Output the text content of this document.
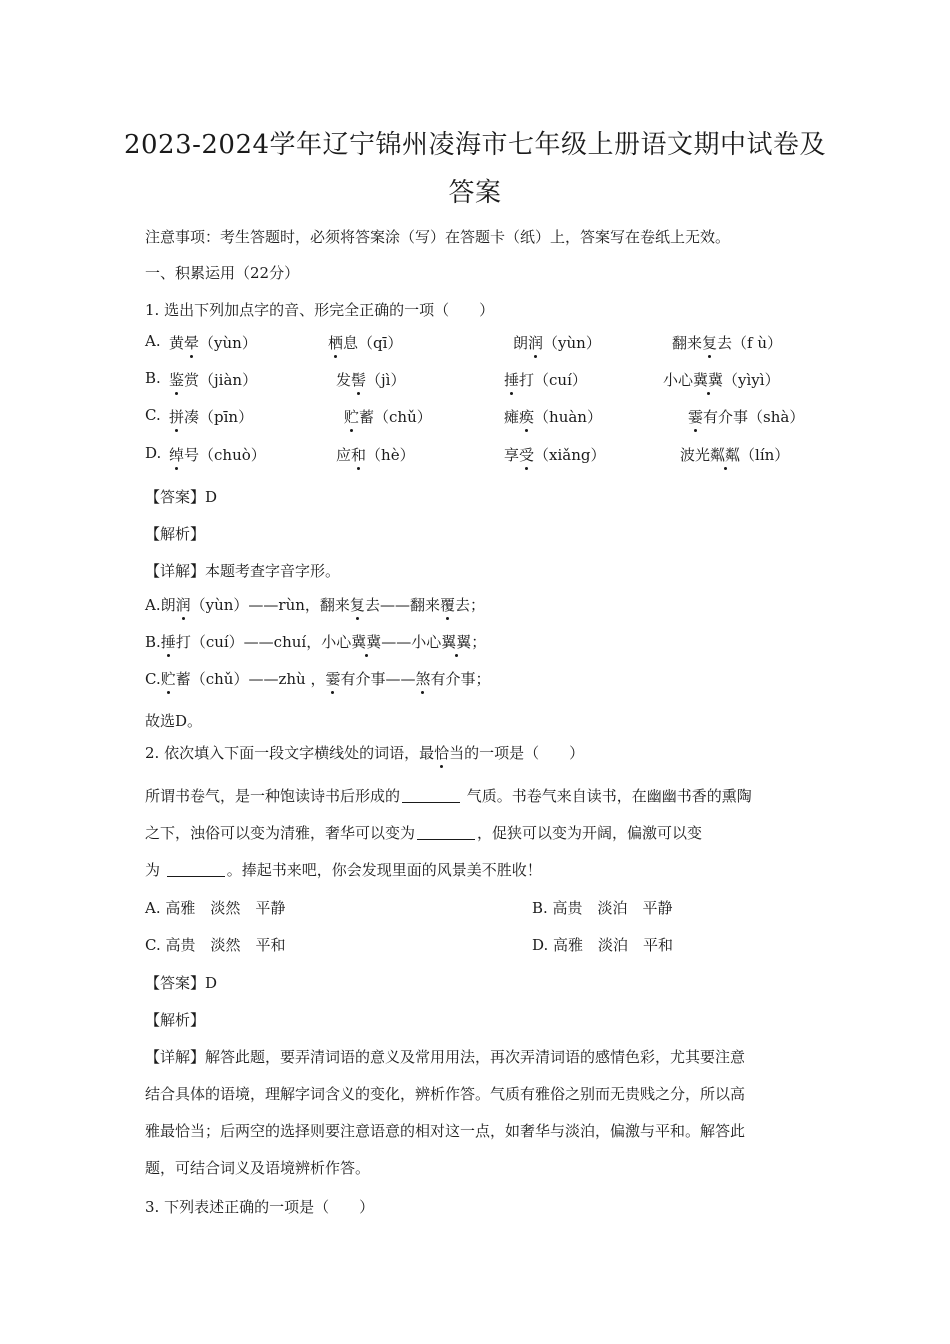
2023-2024学年辽宁锦州凌海市七年级上册语文期中试卷及
答案
注意事项：考生答题时，必须将答案涂（写）在答题卡（纸）上，答案写在卷纸上无效。
一、积累运用（22分）
1. 选出下列加点字的音、形完全正确的一项（　　）
A. 黄晕（yùn）	栖息（qī）	朗润（yùn）	翻来复去（f ù）
B. 鉴赏（jiàn）	发髻（jì）	捶打（cuí）	小心冀冀（yìyì）
C. 拼凑（pīn）	贮蓄（chǔ）	瘫痪（huàn）	霎有介事（shà）
D. 绰号（chuò）	应和（hè）	享受（xiǎng）	波光粼粼（lín）
【答案】D
【解析】
【详解】本题考查字音字形。
A.朗润（yùn）——rùn，翻来复去——翻来覆去；
B.捶打（cuí）——chuí，小心冀冀——小心翼翼；
C.贮蓄（chǔ）——zhù ，霎有介事——煞有介事；
故选D。
2. 依次填入下面一段文字横线处的词语，最恰当的一项是（　　）
所谓书卷气，是一种饱读诗书后形成的	气质。书卷气来自读书，在幽幽书香的熏陶
之下，浊俗可以变为清雅，奢华可以变为	，促狭可以变为开阔，偏激可以变
为	。捧起书来吧，你会发现里面的风景美不胜收！
A. 高雅　淡然　平静	B. 高贵　淡泊　平静
C. 高贵　淡然　平和	D. 高雅　淡泊　平和
【答案】D
【解析】
【详解】解答此题，要弄清词语的意义及常用用法，再次弄清词语的感情色彩，尤其要注意
结合具体的语境，理解字词含义的变化，辨析作答。气质有雅俗之别而无贵贱之分，所以高
雅最恰当；后两空的选择则要注意语意的相对这一点，如奢华与淡泊，偏激与平和。解答此
题，可结合词义及语境辨析作答。
3. 下列表述正确的一项是（　　）
